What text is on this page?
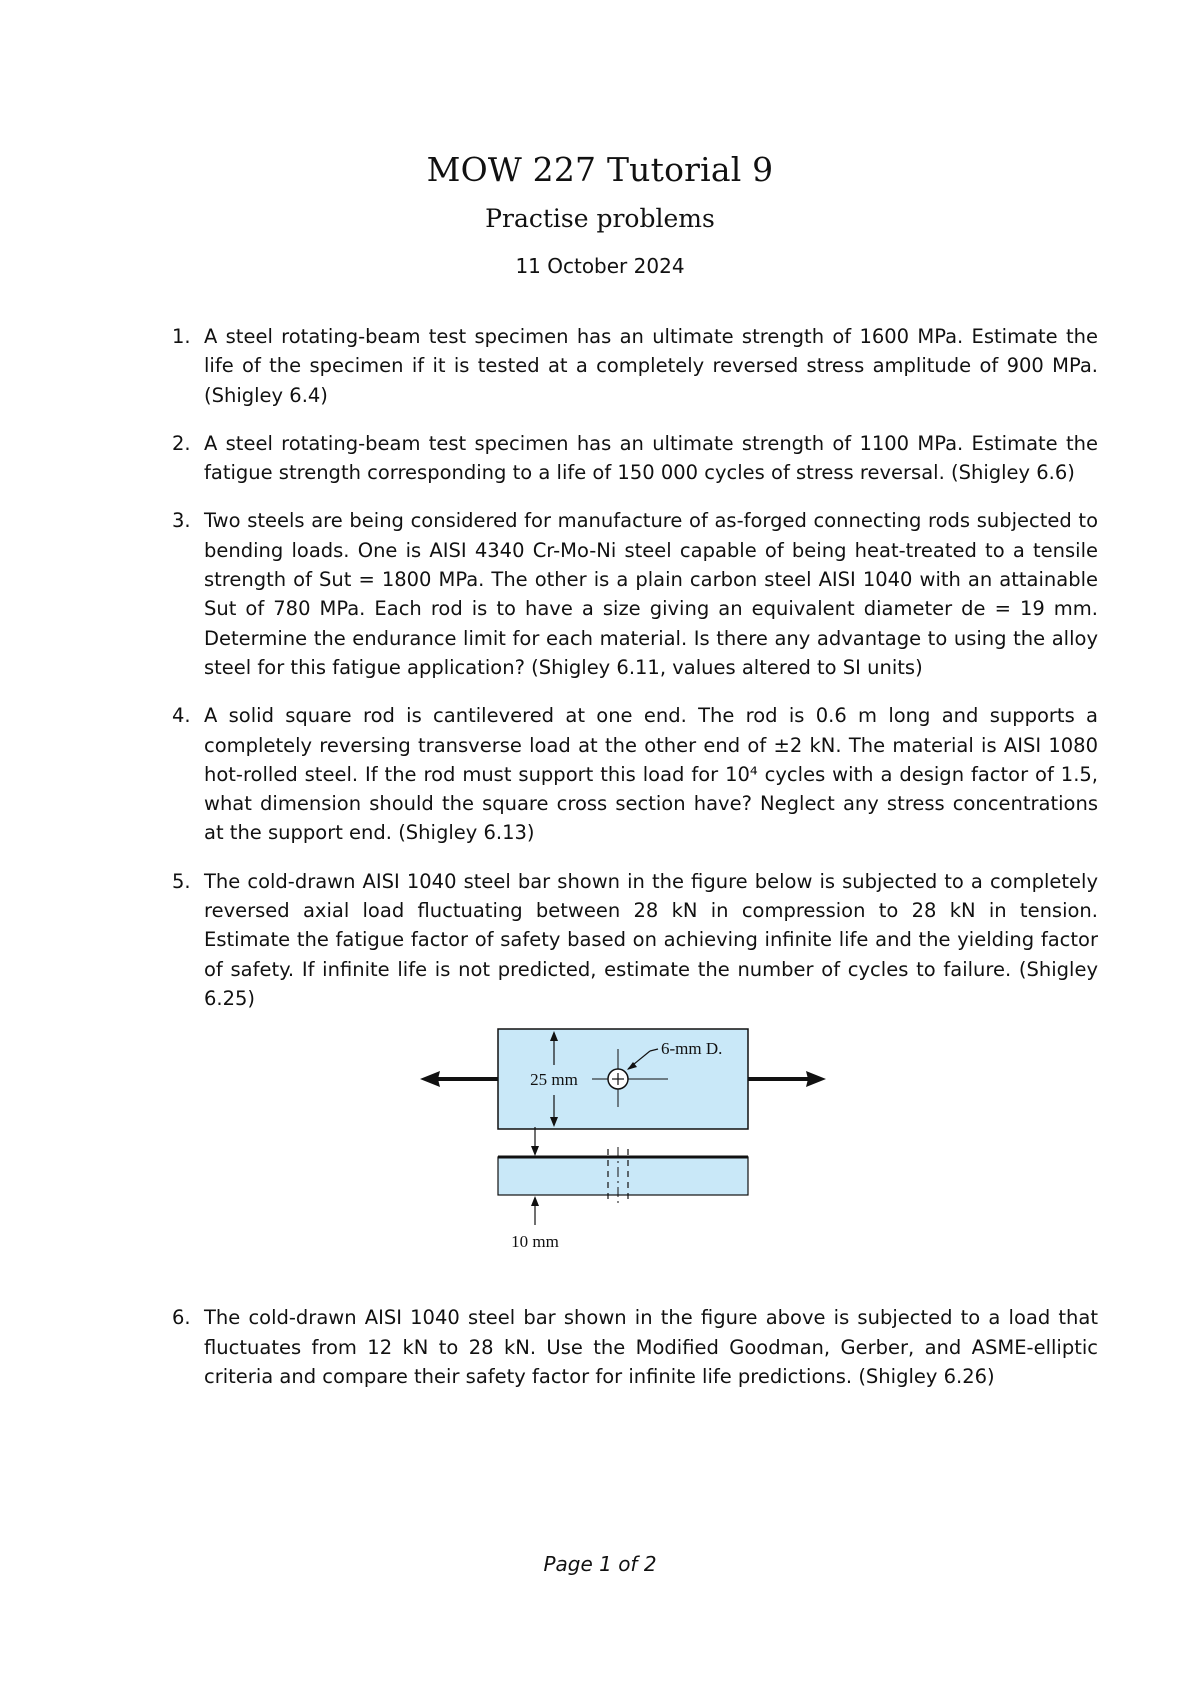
MOW 227 Tutorial 9
Practise problems
11 October 2024
1. A steel rotating-beam test specimen has an ultimate strength of 1600 MPa. Estimate the life of the specimen if it is tested at a completely reversed stress amplitude of 900 MPa. (Shigley 6.4)
2. A steel rotating-beam test specimen has an ultimate strength of 1100 MPa. Estimate the fatigue strength corresponding to a life of 150 000 cycles of stress reversal. (Shigley 6.6)
3. Two steels are being considered for manufacture of as-forged connecting rods subjected to bending loads. One is AISI 4340 Cr-Mo-Ni steel capable of being heat-treated to a tensile strength of Sut = 1800 MPa. The other is a plain carbon steel AISI 1040 with an attainable Sut of 780 MPa. Each rod is to have a size giving an equivalent diameter de = 19 mm. Determine the endurance limit for each material. Is there any advantage to using the alloy steel for this fatigue application? (Shigley 6.11, values altered to SI units)
4. A solid square rod is cantilevered at one end. The rod is 0.6 m long and supports a completely reversing transverse load at the other end of ±2 kN. The material is AISI 1080 hot-rolled steel. If the rod must support this load for 10⁴ cycles with a design factor of 1.5, what dimension should the square cross section have? Neglect any stress concentrations at the support end. (Shigley 6.13)
5. The cold-drawn AISI 1040 steel bar shown in the figure below is subjected to a completely reversed axial load fluctuating between 28 kN in compression to 28 kN in tension. Estimate the fatigue factor of safety based on achieving infinite life and the yielding factor of safety. If infinite life is not predicted, estimate the number of cycles to failure. (Shigley 6.25)
25 mm
6-mm D.
10 mm
6. The cold-drawn AISI 1040 steel bar shown in the figure above is subjected to a load that fluctuates from 12 kN to 28 kN. Use the Modified Goodman, Gerber, and ASME-elliptic criteria and compare their safety factor for infinite life predictions. (Shigley 6.26)
Page 1 of 2
